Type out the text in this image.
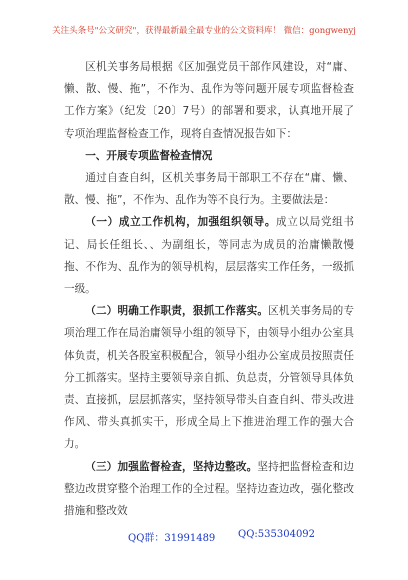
关注头条号"公文研究"，获得最新最全最专业的公文资料库！ 微信：gongwenyj

区机关事务局根据《区加强党员干部作风建设，对“庸、懒、散、慢、拖”，不作为、乱作为等问题开展专项监督检查工作方案》（纪发〔20〕7号）的部署和要求，认真地开展了专项治理监督检查工作，现将自查情况报告如下：

一、开展专项监督检查情况

通过自查自纠，区机关事务局干部职工不存在“庸、懒、散、慢、拖”，不作为、乱作为等不良行为。主要做法是：

（一）成立工作机构，加强组织领导。成立以局党组书记、局长任组长、、为副组长，等同志为成员的治庸懒散慢拖、不作为、乱作为的领导机构，层层落实工作任务，一级抓一级。

（二）明确工作职责，狠抓工作落实。区机关事务局的专项治理工作在局治庸领导小组的领导下，由领导小组办公室具体负责，机关各股室积极配合，领导小组办公室成员按照责任分工抓落实。坚持主要领导亲自抓、负总责，分管领导具体负责、直接抓，层层抓落实，坚持领导带头自查自纠、带头改进作风、带头真抓实干，形成全局上下推进治理工作的强大合力。

（三）加强监督检查，坚持边整改。坚持把监督检查和边整边改贯穿整个治理工作的全过程。坚持边查边改，强化整改措施和整改效

QQ群：31991489 QQ:535304092
